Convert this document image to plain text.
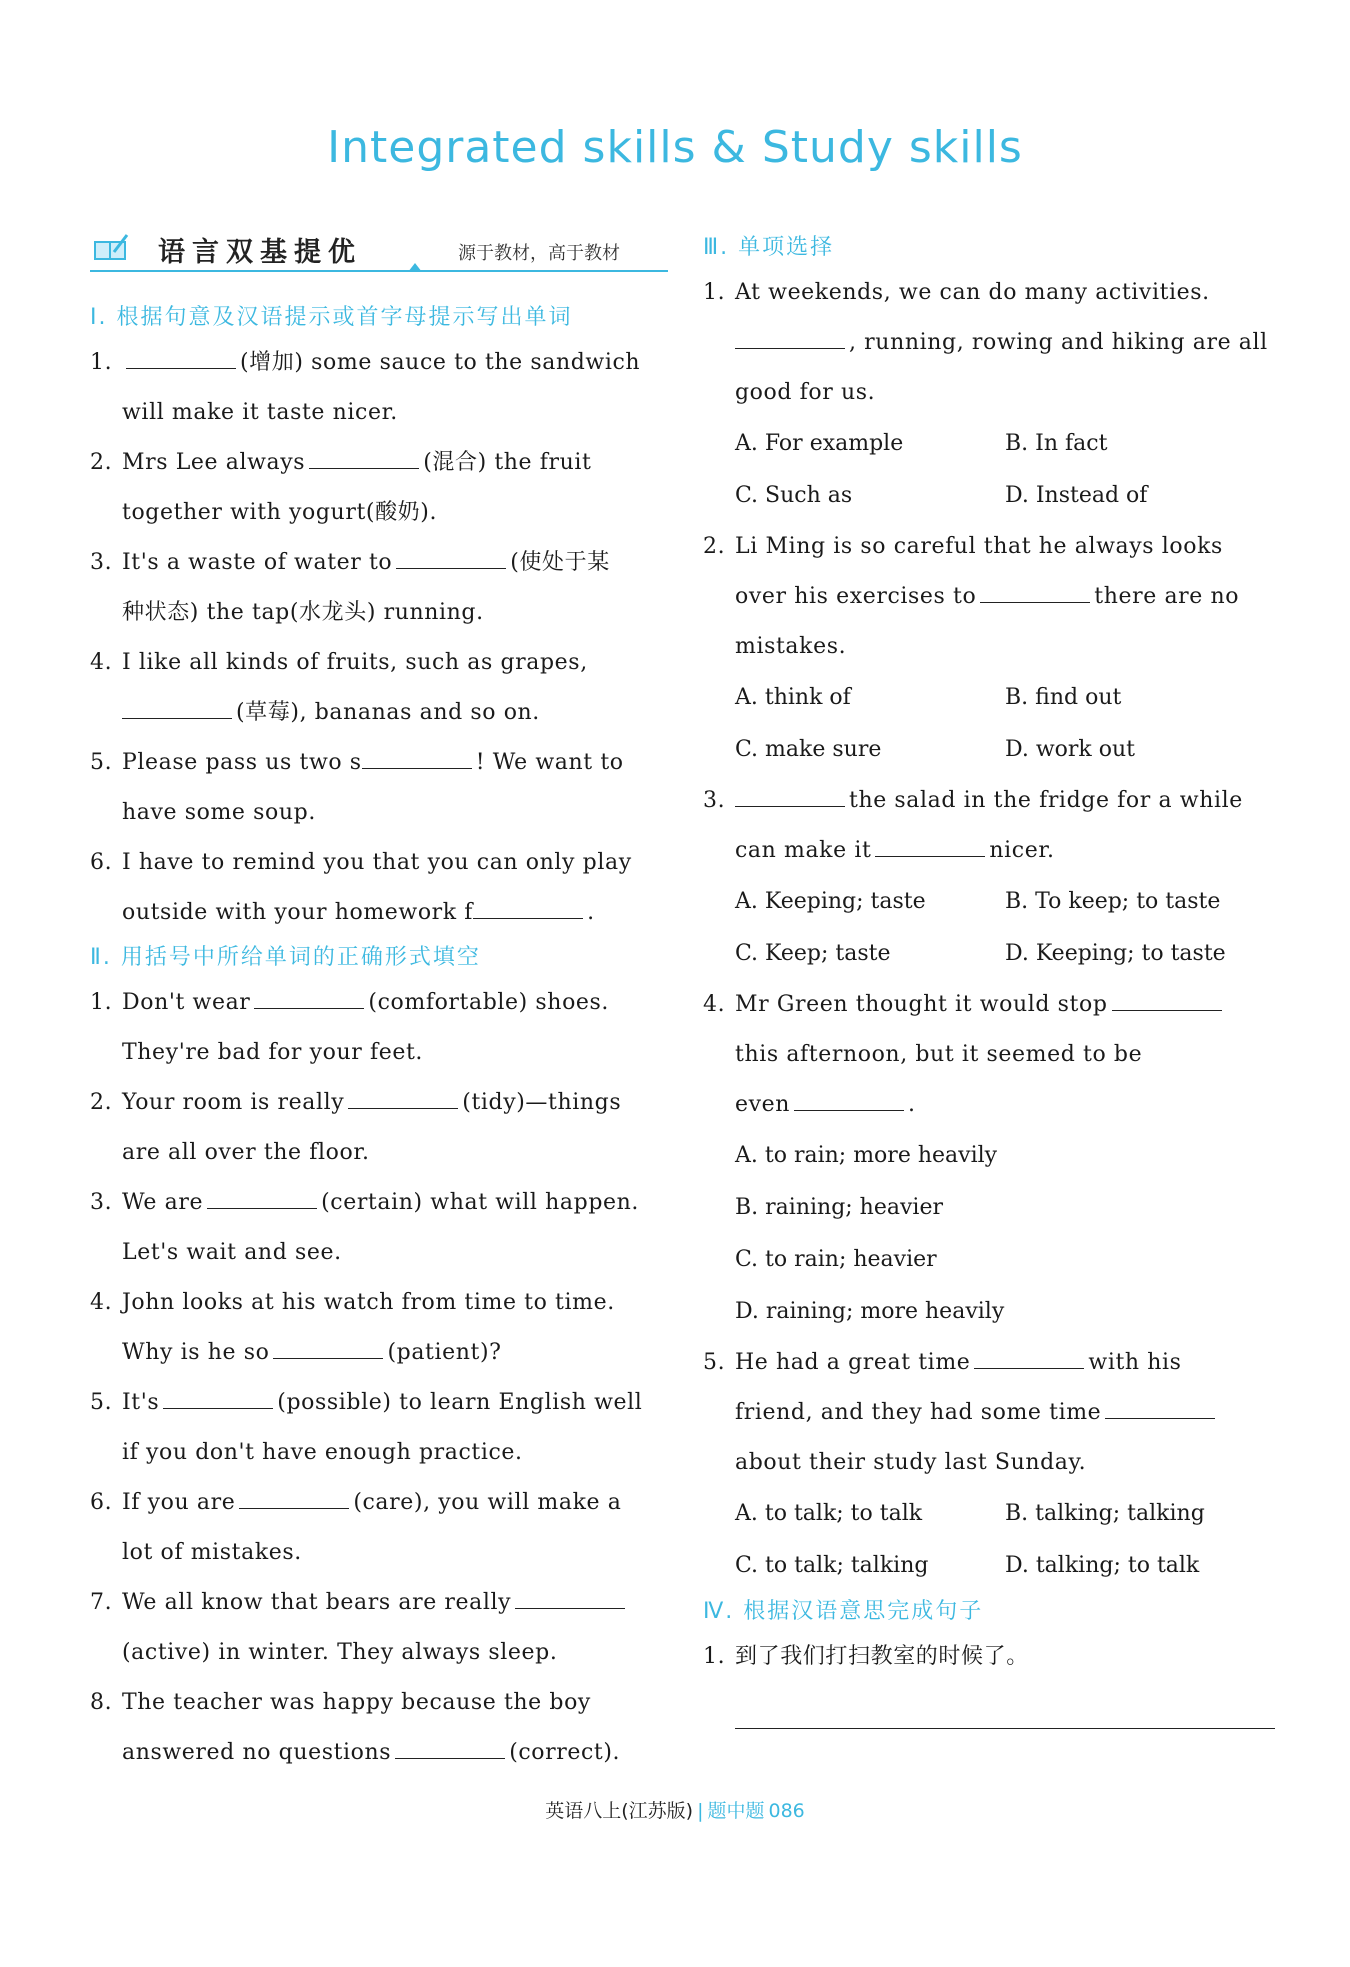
Integrated skills & Study skills
语言双基提优	源于教材，高于教材
Ⅰ. 根据句意及汉语提示或首字母提示写出单词
1.	(增加) some sauce to the sandwich
will make it taste nicer.
2. Mrs Lee always	(混合) the fruit
together with yogurt(酸奶).
3. It's a waste of water to	(使处于某
种状态) the tap(水龙头) running.
4. I like all kinds of fruits, such as grapes,
(草莓), bananas and so on.
5. Please pass us two s	! We want to
have some soup.
6. I have to remind you that you can only play
outside with your homework f	.
Ⅱ. 用括号中所给单词的正确形式填空
1. Don't wear	(comfortable) shoes.
They're bad for your feet.
2. Your room is really	(tidy)—things
are all over the floor.
3. We are	(certain) what will happen.
Let's wait and see.
4. John looks at his watch from time to time.
Why is he so	(patient)?
5. It's	(possible) to learn English well
if you don't have enough practice.
6. If you are	(care), you will make a
lot of mistakes.
7. We all know that bears are really
(active) in winter. They always sleep.
8. The teacher was happy because the boy
answered no questions	(correct).
Ⅲ. 单项选择
1. At weekends, we can do many activities.
, running, rowing and hiking are all
good for us.
A. For example	B. In fact
C. Such as	D. Instead of
2. Li Ming is so careful that he always looks
over his exercises to	there are no
mistakes.
A. think of	B. find out
C. make sure	D. work out
3.	the salad in the fridge for a while
can make it	nicer.
A. Keeping; taste	B. To keep; to taste
C. Keep; taste	D. Keeping; to taste
4. Mr Green thought it would stop
this afternoon, but it seemed to be
even	.
A. to rain; more heavily
B. raining; heavier
C. to rain; heavier
D. raining; more heavily
5. He had a great time	with his
friend, and they had some time
about their study last Sunday.
A. to talk; to talk	B. talking; talking
C. to talk; talking	D. talking; to talk
Ⅳ. 根据汉语意思完成句子
1. 到了我们打扫教室的时候了。
英语八上(江苏版) | 题中题 086
